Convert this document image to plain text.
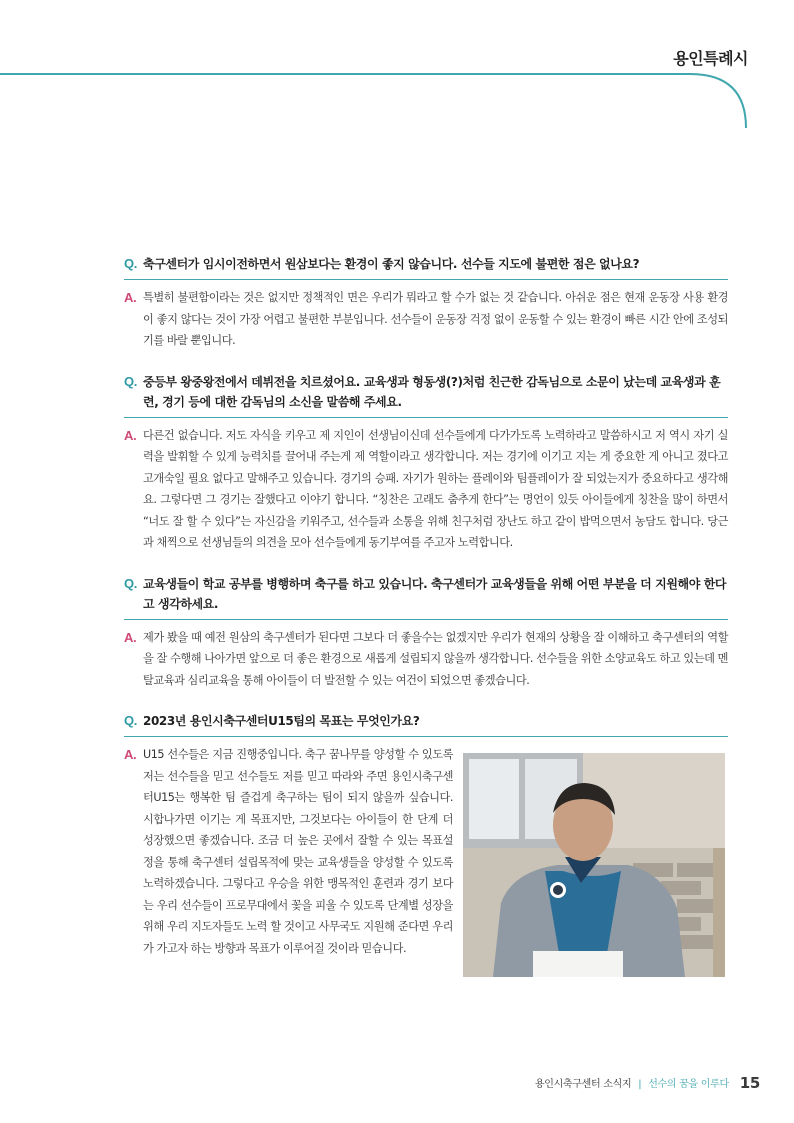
용인특례시
Q. 축구센터가 임시이전하면서 원삼보다는 환경이 좋지 않습니다. 선수들 지도에 불편한 점은 없나요?
A. 특별히 불편함이라는 것은 없지만 정책적인 면은 우리가 뭐라고 할 수가 없는 것 같습니다. 아쉬운 점은 현재 운동장 사용 환경이 좋지 않다는 것이 가장 어렵고 불편한 부분입니다. 선수들이 운동장 걱정 없이 운동할 수 있는 환경이 빠른 시간 안에 조성되기를 바랄 뿐입니다.

Q. 중등부 왕중왕전에서 데뷔전을 치르셨어요. 교육생과 형동생(?)처럼 친근한 감독님으로 소문이 났는데 교육생과 훈련, 경기 등에 대한 감독님의 소신을 말씀해 주세요.
A. 다른건 없습니다. 저도 자식을 키우고 제 지인이 선생님이신데 선수들에게 다가가도록 노력하라고 말씀하시고 저 역시 자기 실력을 발휘할 수 있게 능력치를 끌어내 주는게 제 역할이라고 생각합니다. 저는 경기에 이기고 지는 게 중요한 게 아니고 졌다고 고개숙일 필요 없다고 말해주고 있습니다. 경기의 승패. 자기가 원하는 플레이와 팀플레이가 잘 되었는지가 중요하다고 생각해요. 그렇다면 그 경기는 잘했다고 이야기 합니다. “칭찬은 고래도 춤추게 한다”는 명언이 있듯 아이들에게 칭찬을 많이 하면서 “너도 잘 할 수 있다”는 자신감을 키워주고, 선수들과 소통을 위해 친구처럼 장난도 하고 같이 밥먹으면서 농담도 합니다. 당근과 채찍으로 선생님들의 의견을 모아 선수들에게 동기부여를 주고자 노력합니다.

Q. 교육생들이 학교 공부를 병행하며 축구를 하고 있습니다. 축구센터가 교육생들을 위해 어떤 부분을 더 지원해야 한다고 생각하세요.
A. 제가 봤을 때 예전 원삼의 축구센터가 된다면 그보다 더 좋을수는 없겠지만 우리가 현재의 상황을 잘 이해하고 축구센터의 역할을 잘 수행해 나아가면 앞으로 더 좋은 환경으로 새롭게 설립되지 않을까 생각합니다. 선수들을 위한 소양교육도 하고 있는데 멘탈교육과 심리교육을 통해 아이들이 더 발전할 수 있는 여건이 되었으면 좋겠습니다.

Q. 2023년 용인시축구센터U15팀의 목표는 무엇인가요?
A. U15 선수들은 지금 진행중입니다. 축구 꿈나무를 양성할 수 있도록 저는 선수들을 믿고 선수들도 저를 믿고 따라와 주면 용인시축구센터U15는 행복한 팀 즐겁게 축구하는 팀이 되지 않을까 싶습니다. 시합나가면 이기는 게 목표지만, 그것보다는 아이들이 한 단계 더 성장했으면 좋겠습니다. 조금 더 높은 곳에서 잘할 수 있는 목표설정을 통해 축구센터 설립목적에 맞는 교육생들을 양성할 수 있도록 노력하겠습니다. 그렇다고 우승을 위한 맹목적인 훈련과 경기 보다는 우리 선수들이 프로무대에서 꽃을 피울 수 있도록 단계별 성장을 위해 우리 지도자들도 노력 할 것이고 사무국도 지원해 준다면 우리가 가고자 하는 방향과 목표가 이루어질 것이라 믿습니다.

용인시축구센터 소식지 | 선수의 꿈을 이루다 15
